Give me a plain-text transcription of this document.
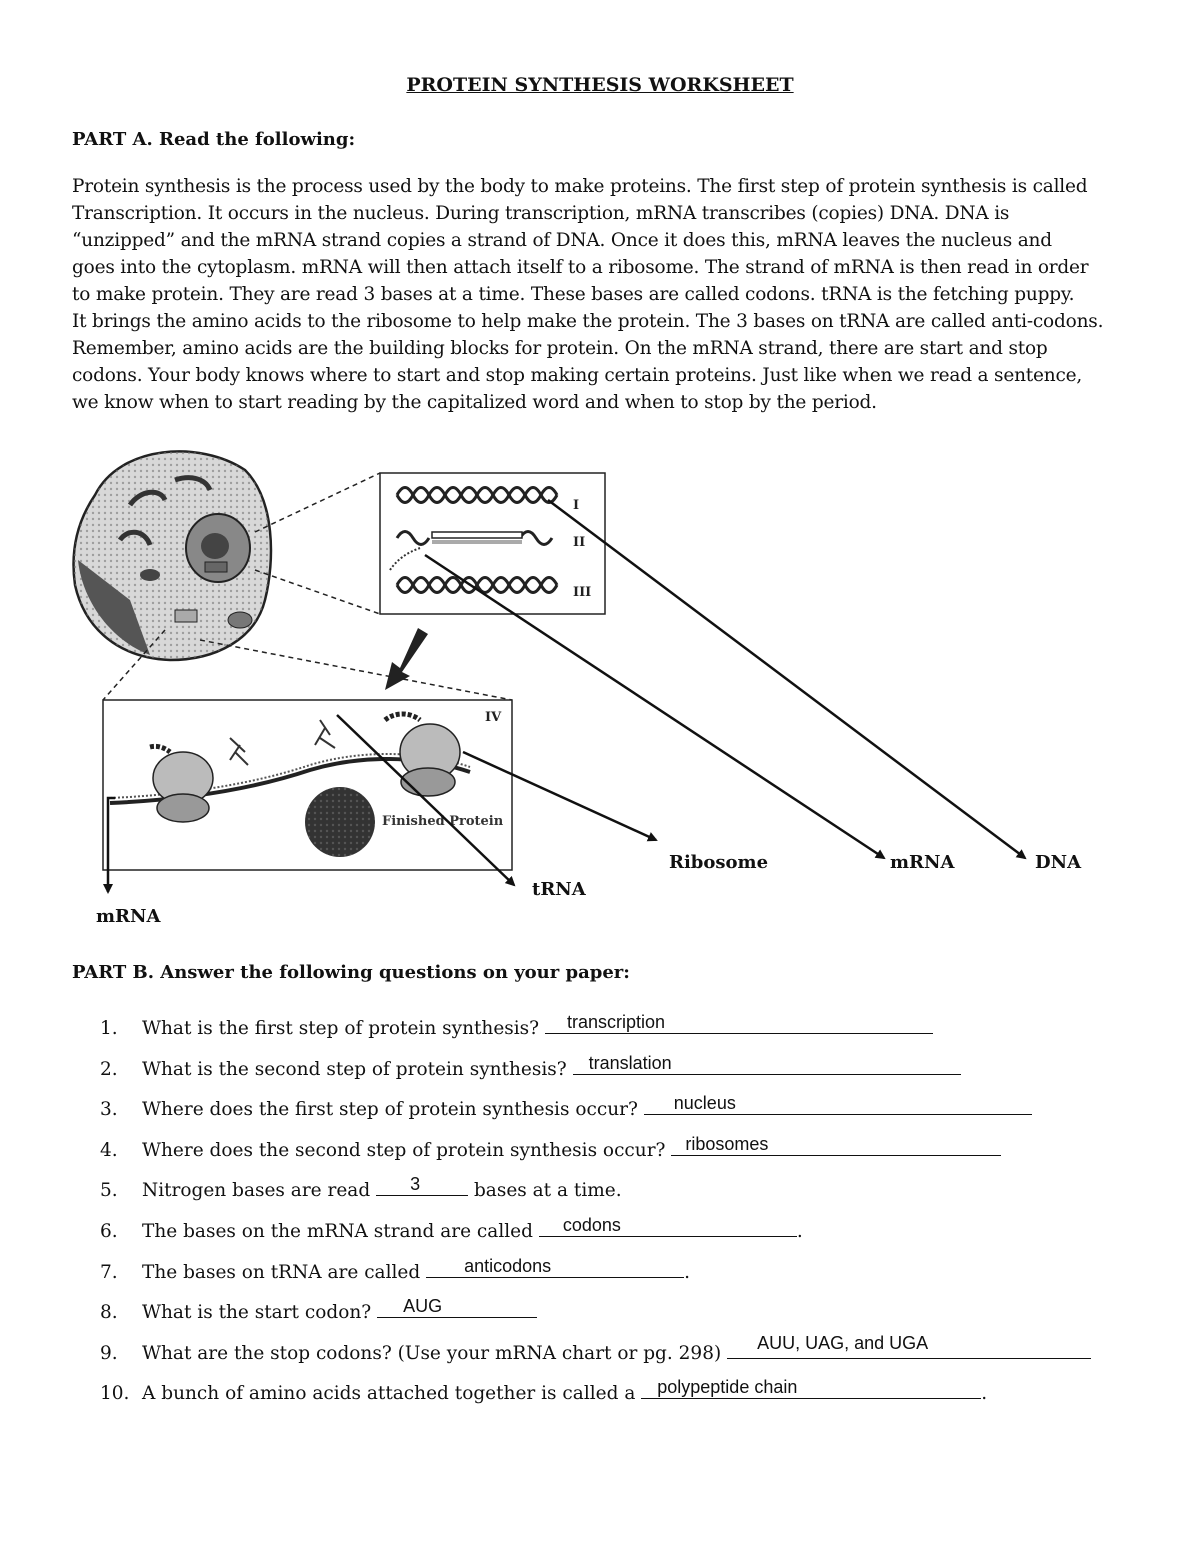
PROTEIN SYNTHESIS WORKSHEET
PART A. Read the following:
Protein synthesis is the process used by the body to make proteins. The first step of protein synthesis is called
Transcription. It occurs in the nucleus. During transcription, mRNA transcribes (copies) DNA. DNA is
“unzipped” and the mRNA strand copies a strand of DNA. Once it does this, mRNA leaves the nucleus and
goes into the cytoplasm. mRNA will then attach itself to a ribosome. The strand of mRNA is then read in order
to make protein. They are read 3 bases at a time. These bases are called codons. tRNA is the fetching puppy.
It brings the amino acids to the ribosome to help make the protein. The 3 bases on tRNA are called anti-codons.
Remember, amino acids are the building blocks for protein. On the mRNA strand, there are start and stop
codons. Your body knows where to start and stop making certain proteins. Just like when we read a sentence,
we know when to start reading by the capitalized word and when to stop by the period.
I
II
III
IV
Finished Protein
mRNA
tRNA
Ribosome	mRNA	DNA
PART B. Answer the following questions on your paper:
1. What is the first step of protein synthesis?	transcription
2. What is the second step of protein synthesis?	translation
3. Where does the first step of protein synthesis occur?	nucleus
4. Where does the second step of protein synthesis occur?	ribosomes
5. Nitrogen bases are read	3	bases at a time.
6. The bases on the mRNA strand are called	codons	.
7. The bases on tRNA are called	anticodons	.
8. What is the start codon?	AUG
9. What are the stop codons? (Use your mRNA chart or pg. 298)	AUU, UAG, and UGA
10. A bunch of amino acids attached together is called a	polypeptide chain	.
